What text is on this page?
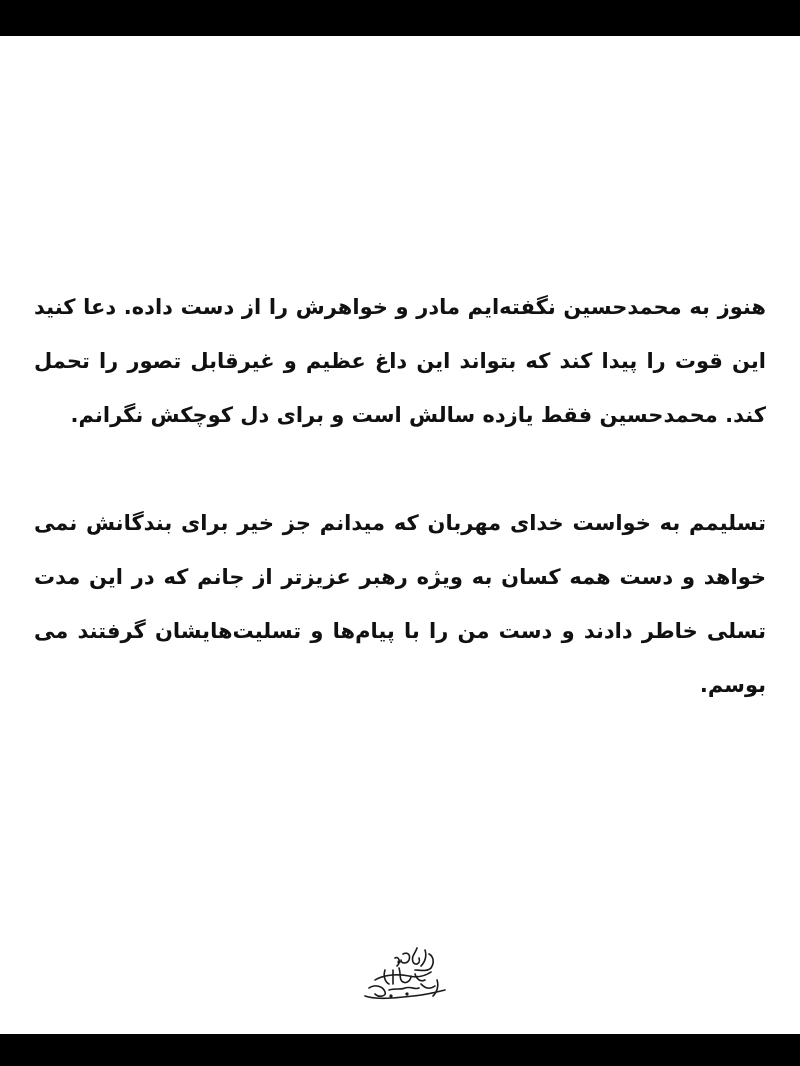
هنوز به محمدحسین نگفته‌ایم مادر و خواهرش را از دست داده. دعا کنید این قوت را پیدا کند که بتواند این داغ عظیم و غیرقابل تصور را تحمل کند. محمدحسین فقط یازده سالش است و برای دل کوچکش نگرانم.

تسلیمم به خواست خدای مهربان که میدانم جز خیر برای بندگانش نمی خواهد و دست همه کسان به ویژه رهبر عزیزتر از جانم که در این مدت تسلی خاطر دادند و دست من را با پیام‌ها و تسلیت‌هایشان گرفتند می بوسم.
